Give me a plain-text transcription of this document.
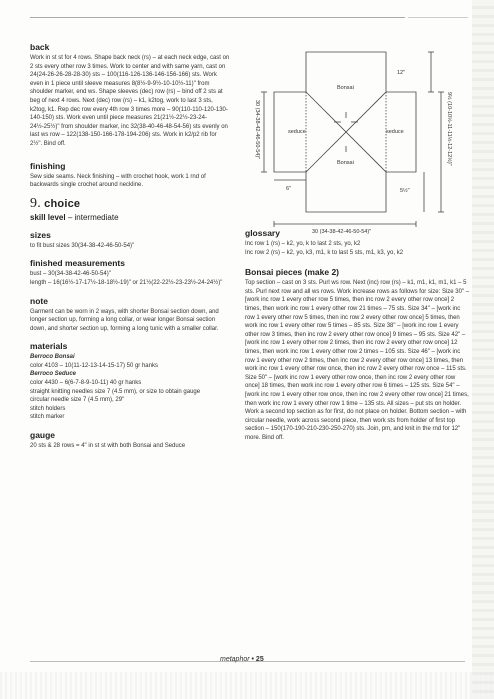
back

Work in st st for 4 rows. Shape back neck (rs) – at each neck edge, cast on 2 sts every other row 3 times. Work to center and with same yarn, cast on 24(24-26-26-28-28-30) sts – 100(116-126-136-146-156-166) sts. Work even in 1 piece until sleeve measures 8(8½-9-9½-10-10½-11)" from shoulder marker, end ws. Shape sleeves (dec) row (rs) – bind off 2 sts at beg of next 4 rows. Next (dec) row (rs) – k1, k2tog, work to last 3 sts, k2tog, k1. Rep dec row every 4th row 3 times more – 90(110-110-120-130-140-150) sts. Work even until piece measures 21(21½-22½-23-24-24½-25½)" from shoulder marker, inc 32(38-40-46-48-54-56) sts evenly on last ws row – 122(138-150-166-178-194-206) sts. Work in k2/p2 rib for 2½". Bind off.

finishing

Sew side seams. Neck finishing – with crochet hook, work 1 rnd of backwards single crochet around neckline.

9. choice
skill level – intermediate
sizes

to fit bust sizes 30(34-38-42-46-50-54)"

finished measurements

bust – 30(34-38-42-46-50-54)"

length – 16(16½-17-17½-18-18½-19)" or 21½(22-22½-23-23½-24-24½)"

note

Garment can be worn in 2 ways, with shorter Bonsai section down, and longer section up, forming a long collar, or wear longer Bonsai section down, and shorter section up, forming a long tunic with a smaller collar.

materials

Berroco Bonsai

color 4103 – 10(11-12-13-14-15-17) 50 gr hanks

Berroco Seduce

color 4430 – 6(6-7-8-9-10-11) 40 gr hanks

straight knitting needles size 7 (4.5 mm), or size to obtain gauge

circular needle size 7 (4.5 mm), 29"

stitch holders

stitch marker

gauge

20 sts & 28 rows = 4" in st st with both Bonsai and Seduce

Bonsai
Bonsai
seduce	seduce
12"
6"	5½"
30 (34-38-42-46-50-54)"
30 (34-38-42-46-50-54)"	9½ (10-10½-11-11½-12-12½)"
glossary

Inc row 1 (rs) – k2, yo, k to last 2 sts, yo, k2

Inc row 2 (rs) – k2, yo, k3, m1, k to last 5 sts, m1, k3, yo, k2

Bonsai pieces (make 2)

Top section – cast on 3 sts. Purl ws row. Next (inc) row (rs) – k1, m1, k1, m1, k1 – 5 sts. Purl next row and all ws rows. Work increase rows as follows for size: Size 30" – [work inc row 1 every other row 5 times, then inc row 2 every other row once] 2 times, then work inc row 1 every other row 21 times – 75 sts. Size 34" – [work inc row 1 every other row 5 times, then inc row 2 every other row once] 5 times, then work inc row 1 every other row 5 times – 85 sts. Size 38" – [work inc row 1 every other row 3 times, then inc row 2 every other row once] 9 times – 95 sts. Size 42" – [work inc row 1 every other row 2 times, then inc row 2 every other row once] 12 times, then work inc row 1 every other row 2 times – 105 sts. Size 46" – [work inc row 1 every other row 2 times, then inc row 2 every other row once] 13 times, then work inc row 1 every other row once, then inc row 2 every other row once – 115 sts. Size 50" – [work inc row 1 every other row once, then inc row 2 every other row once] 18 times, then work inc row 1 every other row 6 times – 125 sts. Size 54" – [work inc row 1 every other row once, then inc row 2 every other row once] 21 times, then work inc row 1 every other row 1 time – 135 sts. All sizes – put sts on holder. Work a second top section as for first, do not place on holder. Bottom section – with circular needle, work across second piece, then work sts from holder of first top section – 150(170-190-210-230-250-270) sts. Join, pm, and knit in the rnd for 12" more. Bind off.

metaphor • 25
